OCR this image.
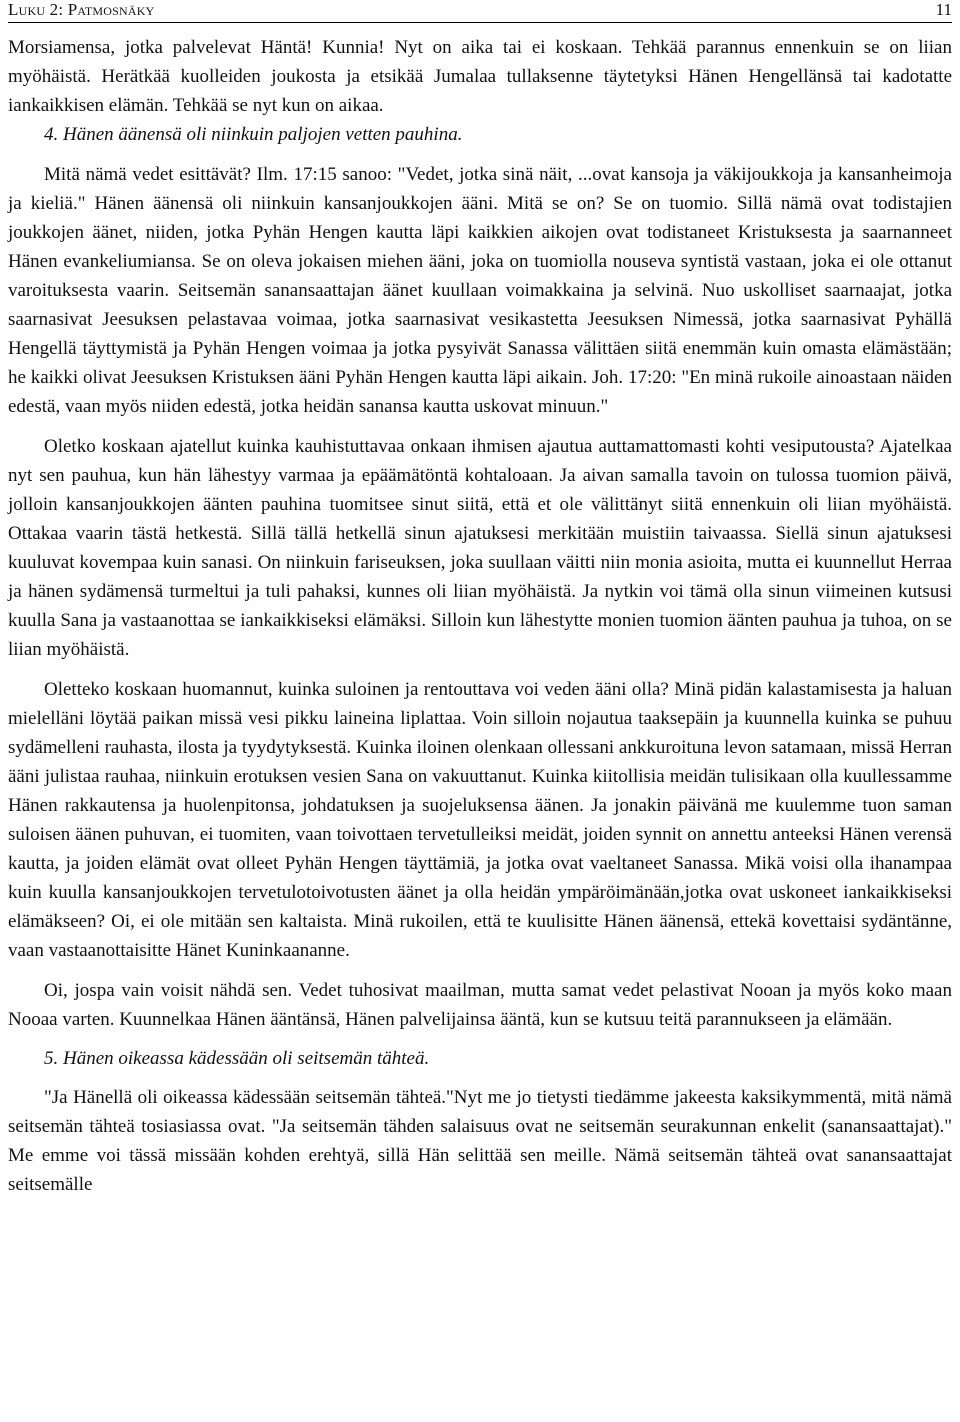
Luku 2: Patmosnäky	11

Morsiamensa, jotka palvelevat Häntä! Kunnia! Nyt on aika tai ei koskaan. Tehkää parannus ennenkuin se on liian myöhäistä. Herätkää kuolleiden joukosta ja etsikää Jumalaa tullaksenne täytetyksi Hänen Hengellänsä tai kadotatte iankaikkisen elämän. Tehkää se nyt kun on aikaa.

4. Hänen äänensä oli niinkuin paljojen vetten pauhina.

Mitä nämä vedet esittävät? Ilm. 17:15 sanoo: "Vedet, jotka sinä näit, ...ovat kansoja ja väkijoukkoja ja kansanheimoja ja kieliä." Hänen äänensä oli niinkuin kansanjoukkojen ääni. Mitä se on? Se on tuomio. Sillä nämä ovat todistajien joukkojen äänet, niiden, jotka Pyhän Hengen kautta läpi kaikkien aikojen ovat todistaneet Kristuksesta ja saarnanneet Hänen evankeliumiansa. Se on oleva jokaisen miehen ääni, joka on tuomiolla nouseva syntistä vastaan, joka ei ole ottanut varoituksesta vaarin. Seitsemän sanansaattajan äänet kuullaan voimakkaina ja selvinä. Nuo uskolliset saarnaajat, jotka saarnasivat Jeesuksen pelastavaa voimaa, jotka saarnasivat vesikastetta Jeesuksen Nimessä, jotka saarnasivat Pyhällä Hengellä täyttymistä ja Pyhän Hengen voimaa ja jotka pysyivät Sanassa välittäen siitä enemmän kuin omasta elämästään; he kaikki olivat Jeesuksen Kristuksen ääni Pyhän Hengen kautta läpi aikain. Joh. 17:20: "En minä rukoile ainoastaan näiden edestä, vaan myös niiden edestä, jotka heidän sanansa kautta uskovat minuun."

Oletko koskaan ajatellut kuinka kauhistuttavaa onkaan ihmisen ajautua auttamattomasti kohti vesiputousta? Ajatelkaa nyt sen pauhua, kun hän lähestyy varmaa ja epäämätöntä kohtaloaan. Ja aivan samalla tavoin on tulossa tuomion päivä, jolloin kansanjoukkojen äänten pauhina tuomitsee sinut siitä, että et ole välittänyt siitä ennenkuin oli liian myöhäistä. Ottakaa vaarin tästä hetkestä. Sillä tällä hetkellä sinun ajatuksesi merkitään muistiin taivaassa. Siellä sinun ajatuksesi kuuluvat kovempaa kuin sanasi. On niinkuin fariseuksen, joka suullaan väitti niin monia asioita, mutta ei kuunnellut Herraa ja hänen sydämensä turmeltui ja tuli pahaksi, kunnes oli liian myöhäistä. Ja nytkin voi tämä olla sinun viimeinen kutsusi kuulla Sana ja vastaanottaa se iankaikkiseksi elämäksi. Silloin kun lähestytte monien tuomion äänten pauhua ja tuhoa, on se liian myöhäistä.

Oletteko koskaan huomannut, kuinka suloinen ja rentouttava voi veden ääni olla? Minä pidän kalastamisesta ja haluan mielelläni löytää paikan missä vesi pikku laineina liplattaa. Voin silloin nojautua taaksepäin ja kuunnella kuinka se puhuu sydämelleni rauhasta, ilosta ja tyydytyksestä. Kuinka iloinen olenkaan ollessani ankkuroituna levon satamaan, missä Herran ääni julistaa rauhaa, niinkuin erotuksen vesien Sana on vakuuttanut. Kuinka kiitollisia meidän tulisikaan olla kuullessamme Hänen rakkautensa ja huolenpitonsa, johdatuksen ja suojeluksensa äänen. Ja jonakin päivänä me kuulemme tuon saman suloisen äänen puhuvan, ei tuomiten, vaan toivottaen tervetulleiksi meidät, joiden synnit on annettu anteeksi Hänen verensä kautta, ja joiden elämät ovat olleet Pyhän Hengen täyttämiä, ja jotka ovat vaeltaneet Sanassa. Mikä voisi olla ihanampaa kuin kuulla kansanjoukkojen tervetulotoivotusten äänet ja olla heidän ympäröimänään,jotka ovat uskoneet iankaikkiseksi elämäkseen? Oi, ei ole mitään sen kaltaista. Minä rukoilen, että te kuulisitte Hänen äänensä, ettekä kovettaisi sydäntänne, vaan vastaanottaisitte Hänet Kuninkaananne.

Oi, jospa vain voisit nähdä sen. Vedet tuhosivat maailman, mutta samat vedet pelastivat Nooan ja myös koko maan Nooaa varten. Kuunnelkaa Hänen ääntänsä, Hänen palvelijainsa ääntä, kun se kutsuu teitä parannukseen ja elämään.

5. Hänen oikeassa kädessään oli seitsemän tähteä.

"Ja Hänellä oli oikeassa kädessään seitsemän tähteä."Nyt me jo tietysti tiedämme jakeesta kaksikymmentä, mitä nämä seitsemän tähteä tosiasiassa ovat. "Ja seitsemän tähden salaisuus ovat ne seitsemän seurakunnan enkelit (sanansaattajat)." Me emme voi tässä missään kohden erehtyä, sillä Hän selittää sen meille. Nämä seitsemän tähteä ovat sanansaattajat seitsemälle
